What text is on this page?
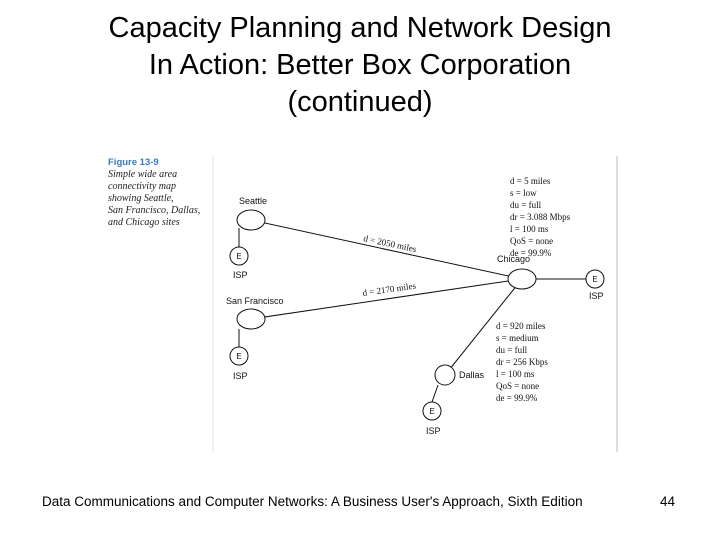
Capacity Planning and Network Design
In Action: Better Box Corporation
(continued)
E
E
E
E
Seattle
San Francisco
Chicago
Dallas
ISP
ISP
ISP
ISP
d = 2050 miles
d = 2170 miles
d = 5 miles
s = low
du = full
dr = 3.088 Mbps
l = 100 ms
QoS = none
de = 99.9%
d = 920 miles
s = medium
du = full
dr = 256 Kbps
l = 100 ms
QoS = none
de = 99.9%
Figure 13-9
Simple wide area
connectivity map
showing Seattle,
San Francisco, Dallas,
and Chicago sites
Data Communications and Computer Networks: A Business User's Approach, Sixth Edition	44
